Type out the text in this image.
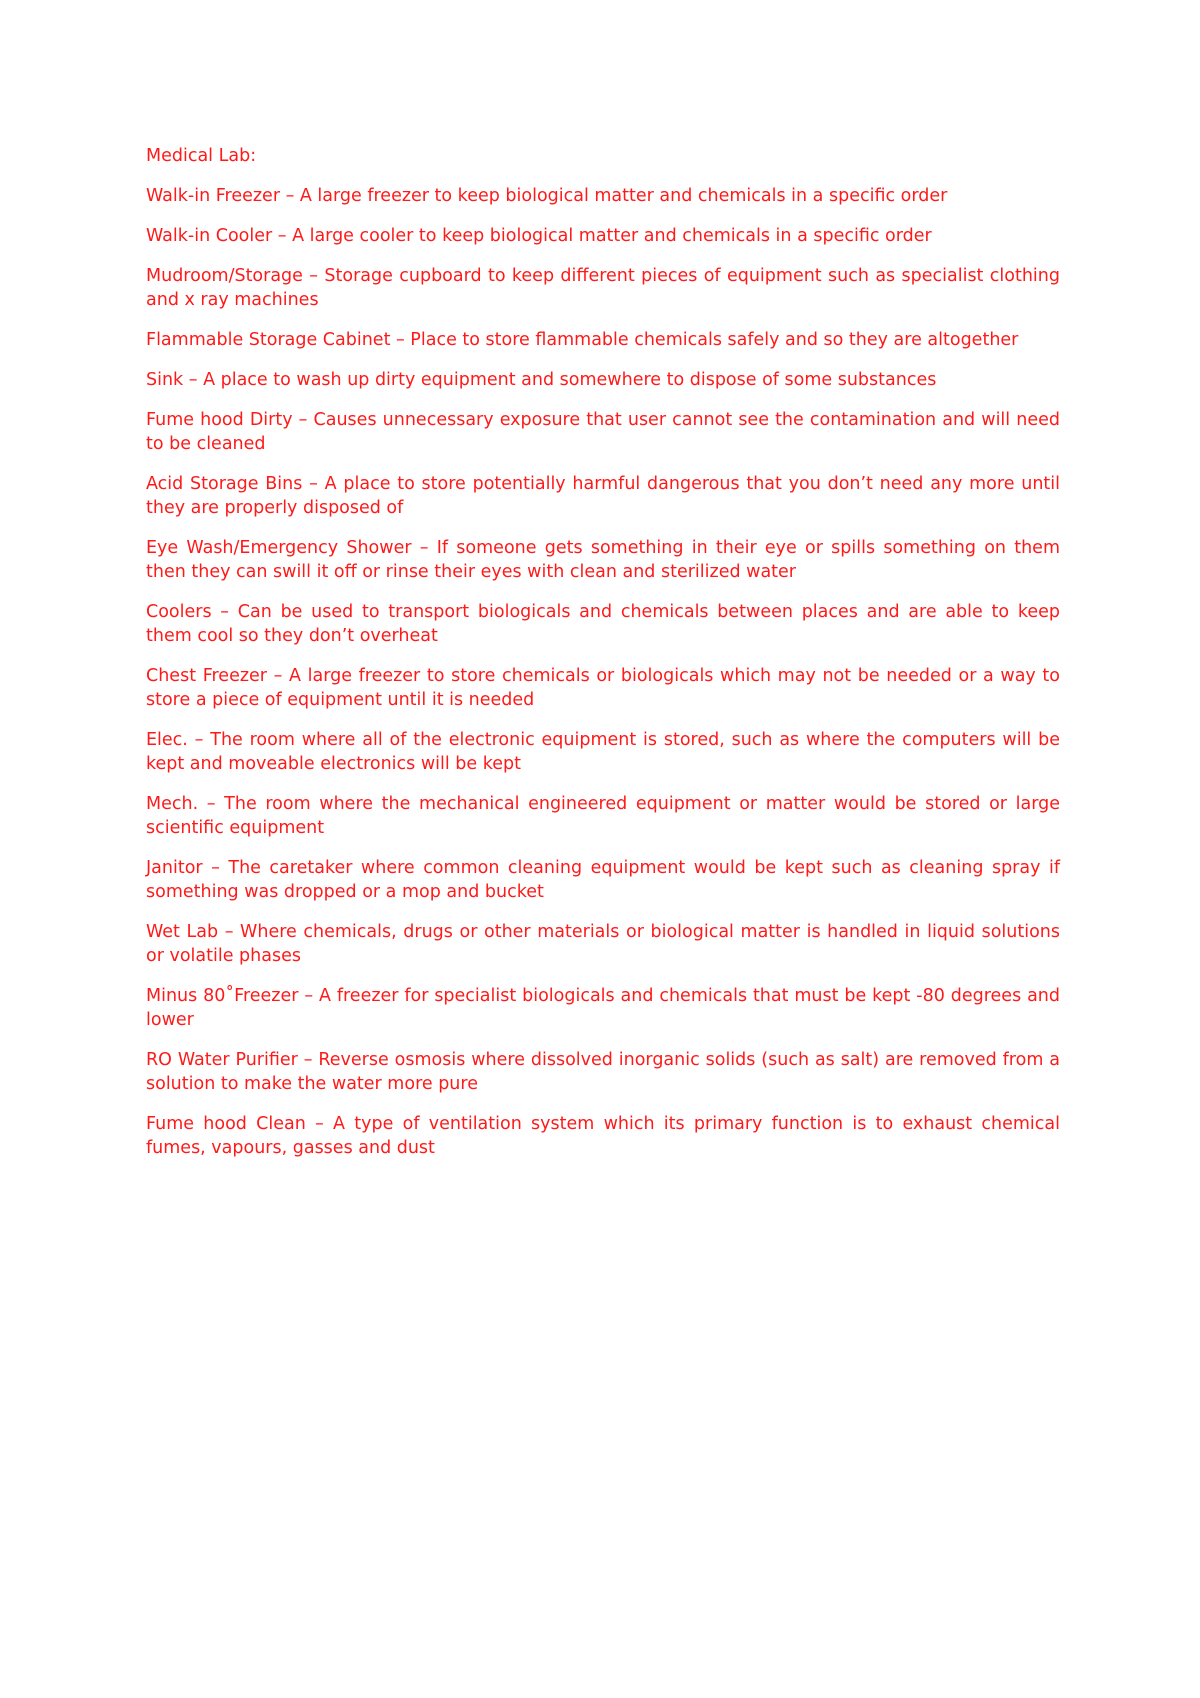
Medical Lab:

Walk-in Freezer – A large freezer to keep biological matter and chemicals in a specific order

Walk-in Cooler – A large cooler to keep biological matter and chemicals in a specific order

Mudroom/Storage – Storage cupboard to keep different pieces of equipment such as specialist clothing and x ray machines

Flammable Storage Cabinet – Place to store flammable chemicals safely and so they are altogether

Sink – A place to wash up dirty equipment and somewhere to dispose of some substances

Fume hood Dirty – Causes unnecessary exposure that user cannot see the contamination and will need to be cleaned

Acid Storage Bins – A place to store potentially harmful dangerous that you don’t need any more until they are properly disposed of

Eye Wash/Emergency Shower – If someone gets something in their eye or spills something on them then they can swill it off or rinse their eyes with clean and sterilized water

Coolers – Can be used to transport biologicals and chemicals between places and are able to keep them cool so they don’t overheat

Chest Freezer – A large freezer to store chemicals or biologicals which may not be needed or a way to store a piece of equipment until it is needed

Elec. – The room where all of the electronic equipment is stored, such as where the computers will be kept and moveable electronics will be kept

Mech. – The room where the mechanical engineered equipment or matter would be stored or large scientific equipment

Janitor – The caretaker where common cleaning equipment would be kept such as cleaning spray if something was dropped or a mop and bucket

Wet Lab – Where chemicals, drugs or other materials or biological matter is handled in liquid solutions or volatile phases

Minus 80˚Freezer – A freezer for specialist biologicals and chemicals that must be kept -80 degrees and lower

RO Water Purifier – Reverse osmosis where dissolved inorganic solids (such as salt) are removed from a solution to make the water more pure

Fume hood Clean – A type of ventilation system which its primary function is to exhaust chemical fumes, vapours, gasses and dust
